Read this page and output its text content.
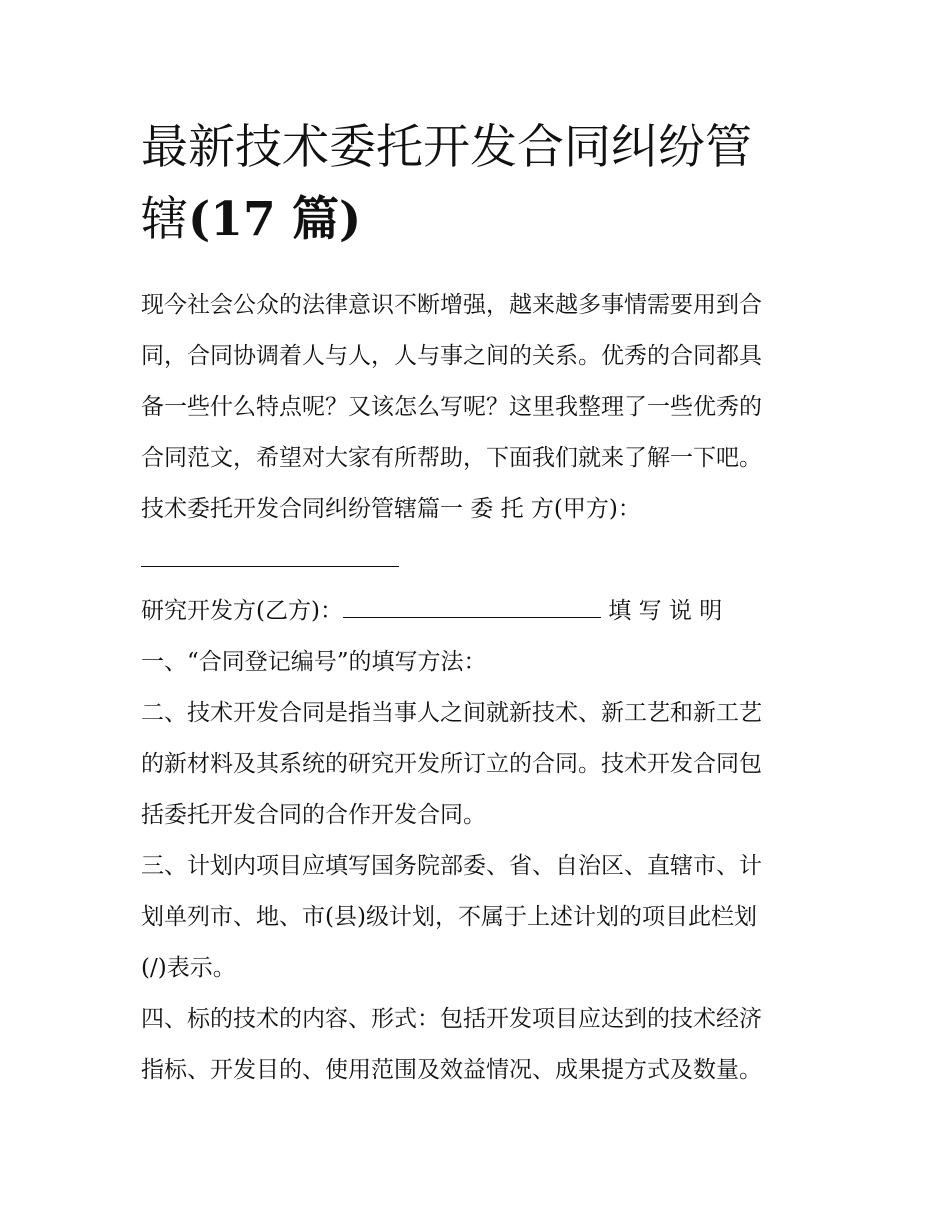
最新技术委托开发合同纠纷管
辖(17 篇)
现今社会公众的法律意识不断增强，越来越多事情需要用到合
同，合同协调着人与人，人与事之间的关系。优秀的合同都具
备一些什么特点呢？又该怎么写呢？这里我整理了一些优秀的
合同范文，希望对大家有所帮助，下面我们就来了解一下吧。
技术委托开发合同纠纷管辖篇一 委 托 方(甲方)：
研究开发方(乙方)：	填 写 说 明
一、“合同登记编号”的填写方法：
二、技术开发合同是指当事人之间就新技术、新工艺和新工艺
的新材料及其系统的研究开发所订立的合同。技术开发合同包
括委托开发合同的合作开发合同。
三、计划内项目应填写国务院部委、省、自治区、直辖市、计
划单列市、地、市(县)级计划，不属于上述计划的项目此栏划
(/)表示。
四、标的技术的内容、形式：包括开发项目应达到的技术经济
指标、开发目的、使用范围及效益情况、成果提方式及数量。
